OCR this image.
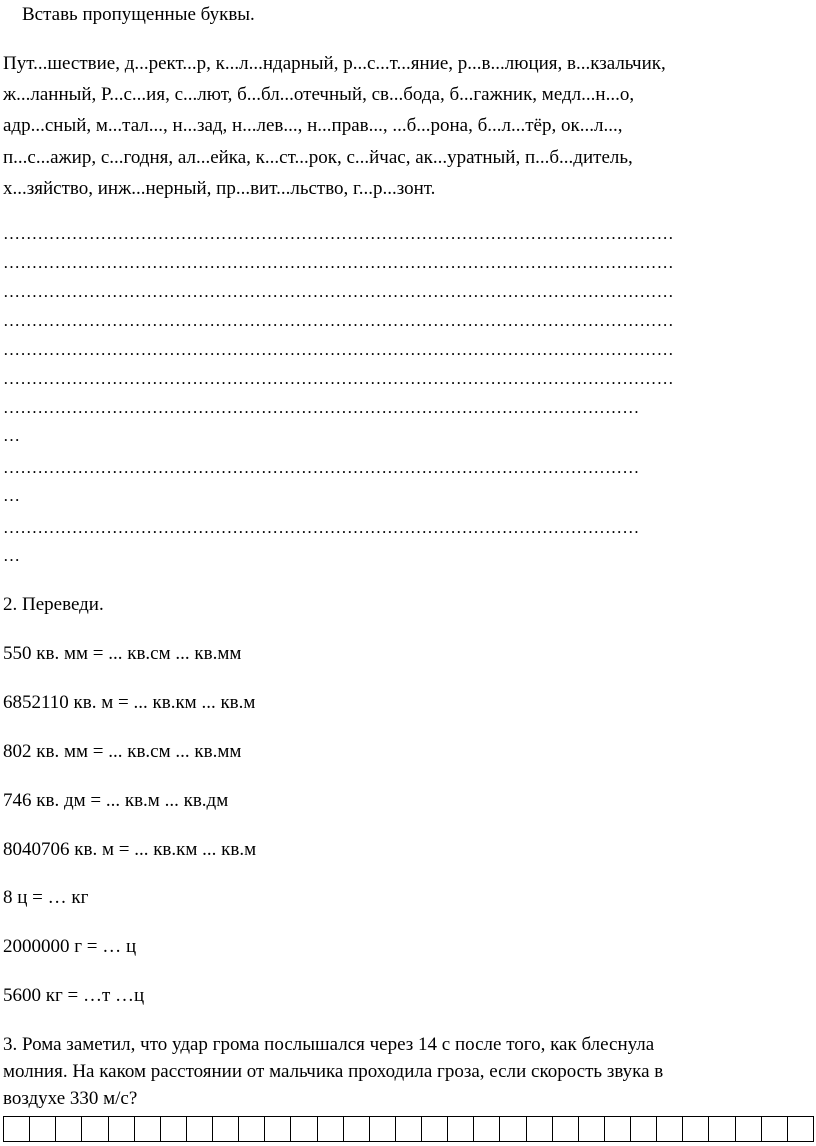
Вставь пропущенные буквы.
Пут...шествие, д...рект...р, к...л...ндарный, р...с...т...яние, р...в...люция, в...кзальчик,
ж...ланный, Р...с...ия, с...лют, б...бл...отечный, св...бода, б...гажник, медл...н...о,
адр...сный, м...тал..., н...зад, н...лев..., н...прав..., ...б...рона, б...л...тёр, ок...л...,
п...с...ажир, с...годня, ал...ейка, к...ст...рок, с...йчас, ак...уратный, п...б...дитель,
х...зяйство, инж...нерный, пр...вит...льство, г...р...зонт.
………………………………………………………………………………………………………
………………………………………………………………………………………………………
………………………………………………………………………………………………………
………………………………………………………………………………………………………
………………………………………………………………………………………………………
………………………………………………………………………………………………………
…………………………………………………………………………………………………
…
…………………………………………………………………………………………………
…
…………………………………………………………………………………………………
…
2. Переведи.
550 кв. мм = ... кв.см ... кв.мм
6852110 кв. м = ... кв.км ... кв.м
802 кв. мм = ... кв.см ... кв.мм
746 кв. дм = ... кв.м ... кв.дм
8040706 кв. м = ... кв.км ... кв.м
8 ц = … кг
2000000 г = … ц
5600 кг = …т …ц
3. Рома заметил, что удар грома послышался через 14 с после того, как блеснула
молния. На каком расстоянии от мальчика проходила гроза, если скорость звука в
воздухе 330 м/с?
